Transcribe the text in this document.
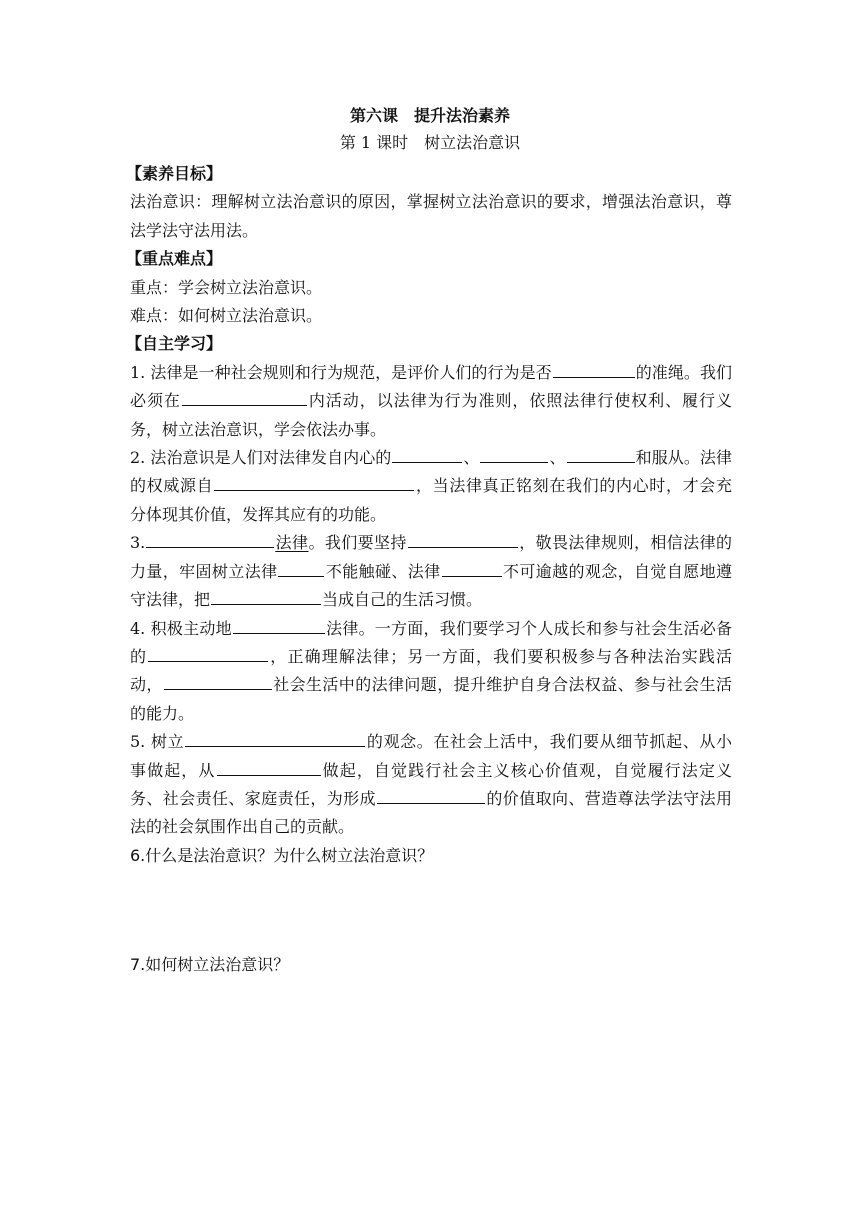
第六课　提升法治素养
第 1 课时　树立法治意识
【素养目标】
法治意识：理解树立法治意识的原因，掌握树立法治意识的要求，增强法治意识，尊法学法守法用法。
【重点难点】
重点：学会树立法治意识。
难点：如何树立法治意识。
【自主学习】
1. 法律是一种社会规则和行为规范，是评价人们的行为是否	的准绳。我们必须在	内活动，以法律为行为准则，依照法律行使权利、履行义务，树立法治意识，学会依法办事。
2. 法治意识是人们对法律发自内心的	、	、	和服从。法律的权威源自	，当法律真正铭刻在我们的内心时，才会充分体现其价值，发挥其应有的功能。
3.	法律。我们要坚持	，敬畏法律规则，相信法律的力量，牢固树立法律	不能触碰、法律	不可逾越的观念，自觉自愿地遵守法律，把	当成自己的生活习惯。
4. 积极主动地	法律。一方面，我们要学习个人成长和参与社会生活必备的	，正确理解法律；另一方面，我们要积极参与各种法治实践活动，	社会生活中的法律问题，提升维护自身合法权益、参与社会生活的能力。
5. 树立	的观念。在社会上活中，我们要从细节抓起、从小事做起，从	做起，自觉践行社会主义核心价值观，自觉履行法定义务、社会责任、家庭责任，为形成	的价值取向、营造尊法学法守法用法的社会氛围作出自己的贡献。
6.什么是法治意识？为什么树立法治意识？
7.如何树立法治意识？
